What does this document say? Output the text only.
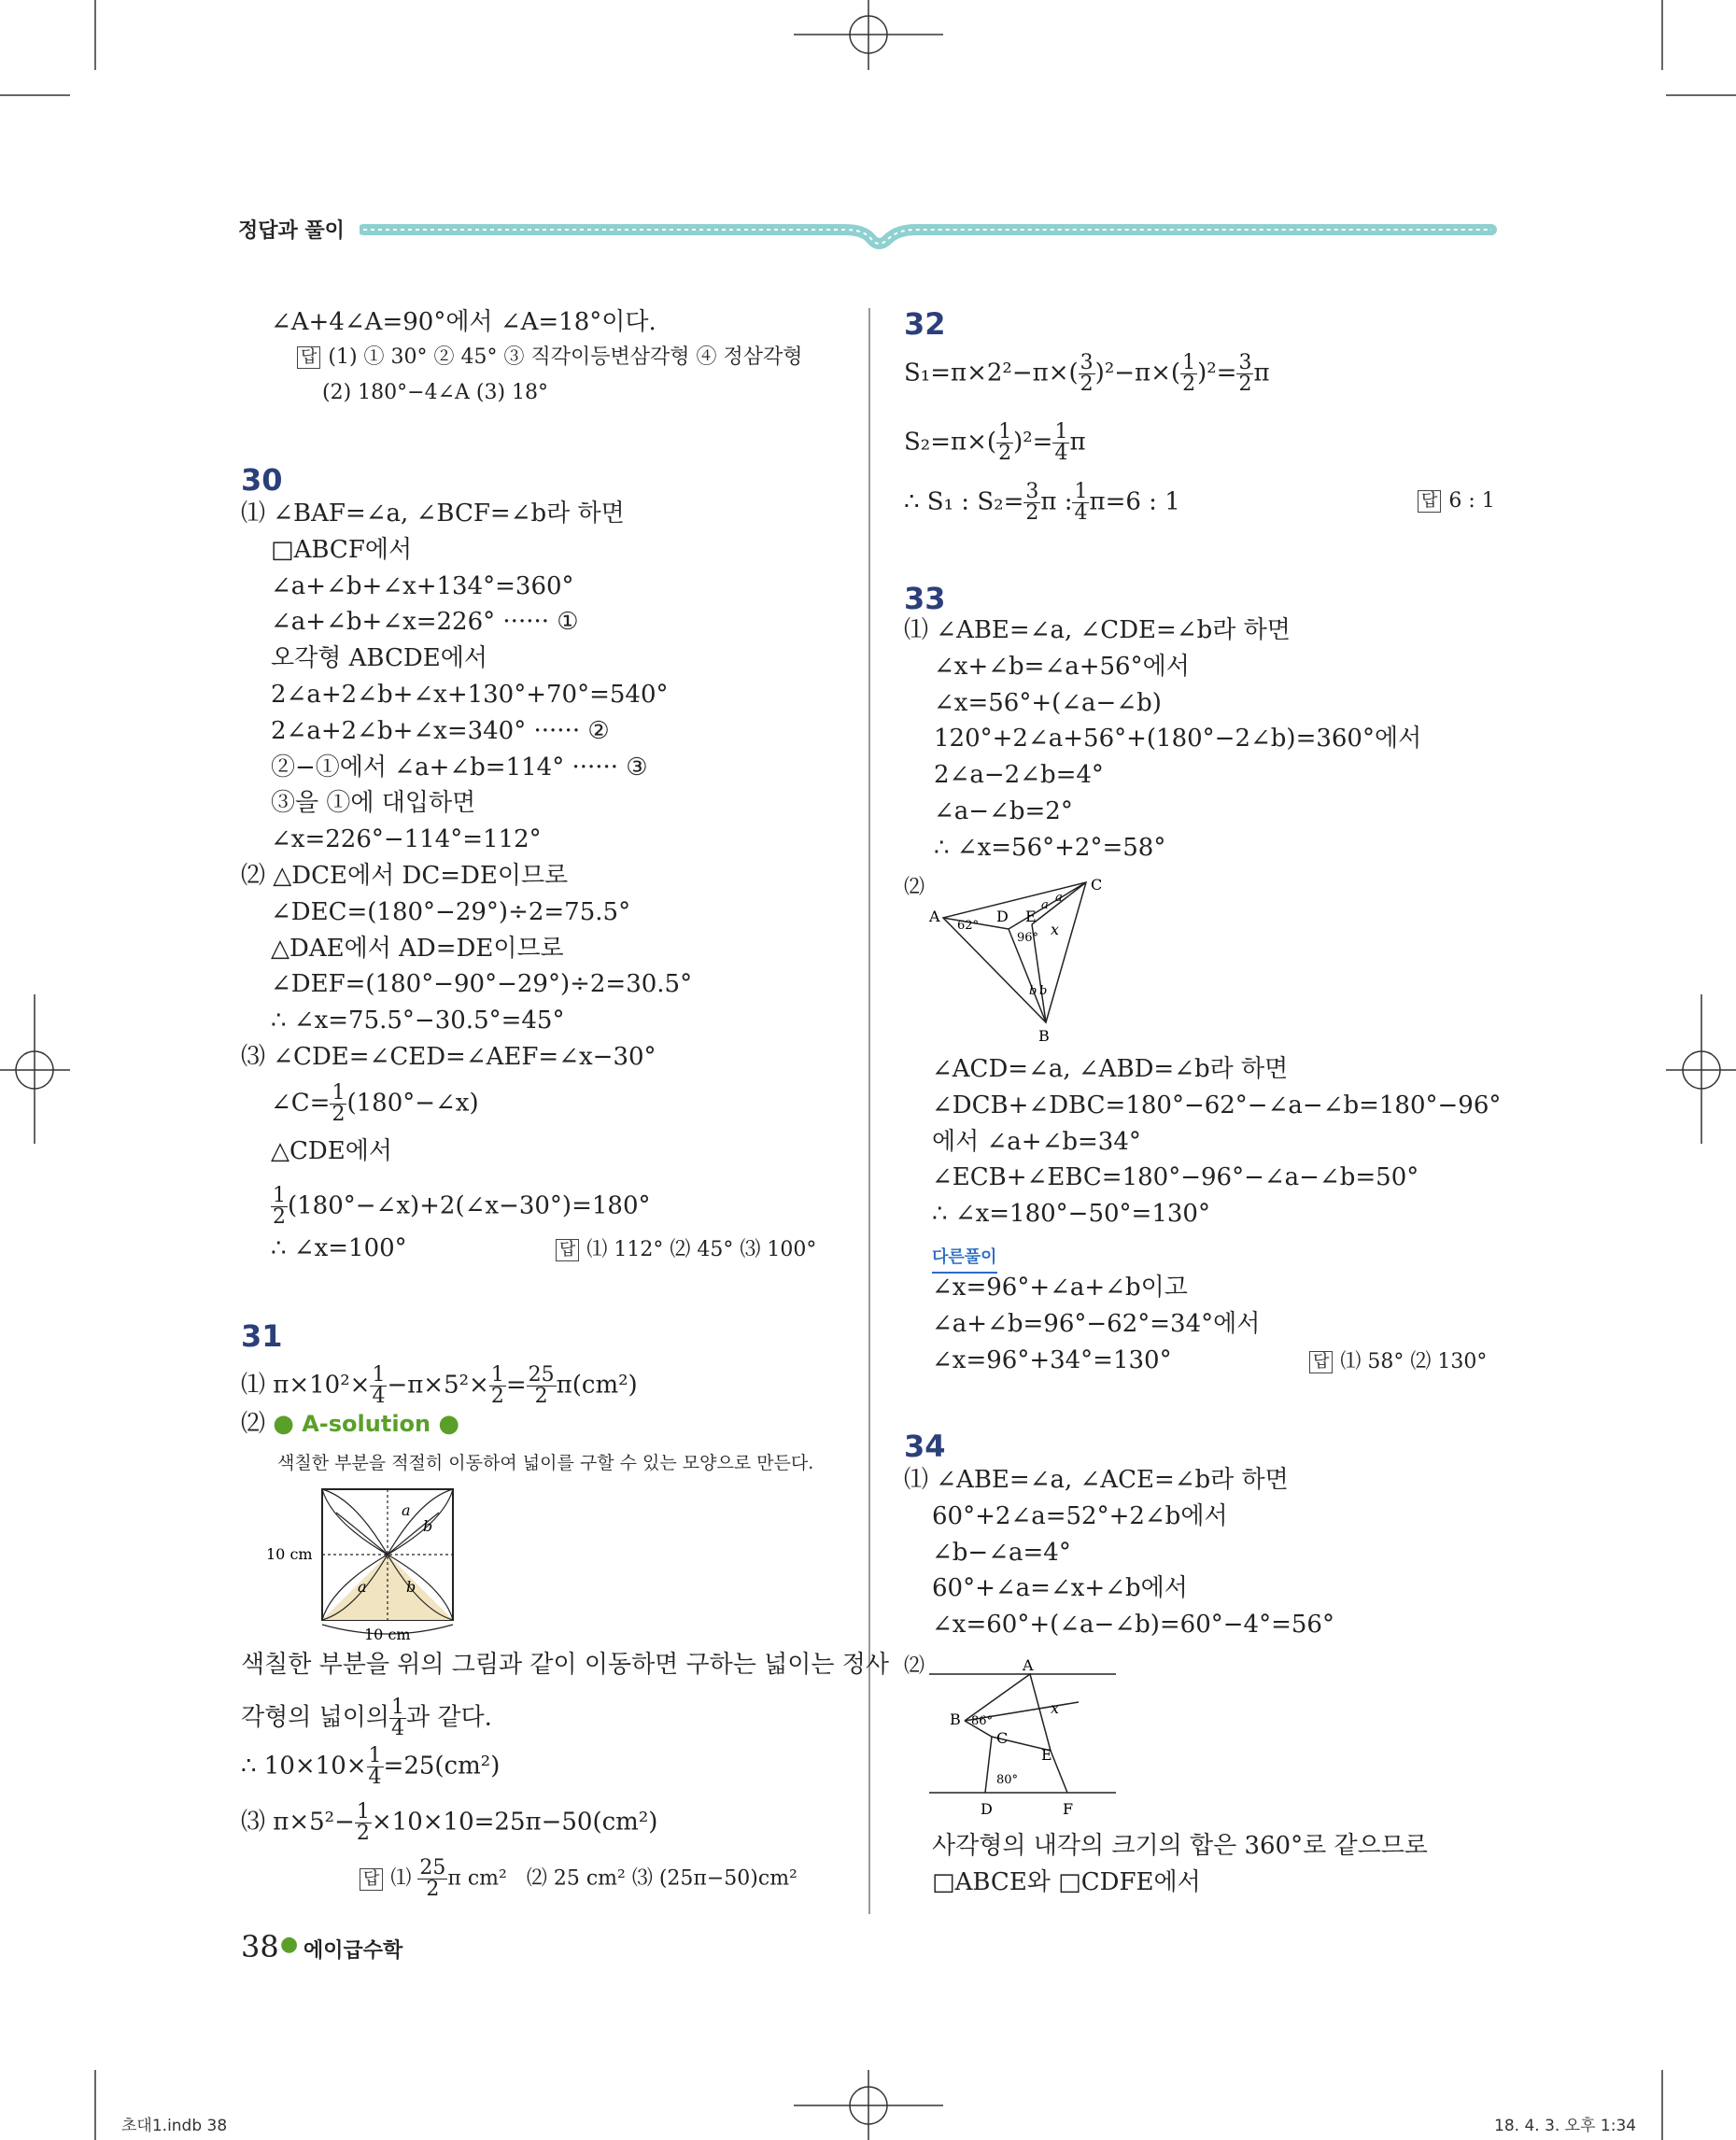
정답과 풀이
∠A+4∠A=90°에서 ∠A=18°이다.
답 (1) ① 30° ② 45° ③ 직각이등변삼각형 ④ 정삼각형
(2) 180°−4∠A (3) 18°
30
⑴ ∠BAF=∠a, ∠BCF=∠b라 하면
□ABCF에서
∠a+∠b+∠x+134°=360°
∠a+∠b+∠x=226° ······ ①
오각형 ABCDE에서
2∠a+2∠b+∠x+130°+70°=540°
2∠a+2∠b+∠x=340° ······ ②
②−①에서 ∠a+∠b=114° ······ ③
③을 ①에 대입하면
∠x=226°−114°=112°
⑵ △DCE에서 DC=DE이므로
∠DEC=(180°−29°)÷2=75.5°
△DAE에서 AD=DE이므로
∠DEF=(180°−90°−29°)÷2=30.5°
∴ ∠x=75.5°−30.5°=45°
⑶ ∠CDE=∠CED=∠AEF=∠x−30°
∠C= $\frac{1}{2}$ (180°−∠x)
△CDE에서
$\frac{1}{2}$ (180°−∠x)+2(∠x−30°)=180°
∴ ∠x=100°	답 ⑴ 112° ⑵ 45° ⑶ 100°
31
⑴ $\pi\times 10^2\times \frac{1}{4} -\pi\times 5^2\times \frac{1}{2} = \frac{25}{2} \pi(cm^2)$
⑵ ● A-solution ●
색칠한 부분을 적절히 이동하여 넓이를 구할 수 있는 모양으로 만든다.
10 cm
10 cm
a
b
a	b
색칠한 부분을 위의 그림과 같이 이동하면 구하는 넓이는 정사
각형의 넓이의 $\frac{1}{4}$ 과 같다.
∴ $10\times 10\times \frac{1}{4} =25(cm^2)$
⑶ $\pi\times 5^2- \frac{1}{2} \times 10\times 10=25\pi-50(cm^2)$
답 ⑴ $\frac{25}{2}$ π cm² ⑵ 25 cm² ⑶ (25π−50)cm²
38 ● 에이급수학
32
$S_1=\pi\times 2^2-\pi\times( \frac{3}{2} )^2-\pi\times( \frac{1}{2} )^2= \frac{3}{2}$ π
$S_2=\pi\times( \frac{1}{2} )^2= \frac{1}{4}$ π
∴ S₁ : $S_2= \frac{3}{2}$ π : $\frac{1}{4} \pi=6$ : 1	답 6 : 1
33
⑴ ∠ABE=∠a, ∠CDE=∠b라 하면
∠x+∠b=∠a+56°에서
∠x=56°+(∠a−∠b)
120°+2∠a+56°+(180°−2∠b)=360°에서
2∠a−2∠b=4°
∠a−∠b=2°
∴ ∠x=56°+2°=58°
⑵
A
C
B
D E
x
62°
96°
a
a
b b
∠ACD=∠a, ∠ABD=∠b라 하면
∠DCB+∠DBC=180°−62°−∠a−∠b=180°−96°
에서 ∠a+∠b=34°
∠ECB+∠EBC=180°−96°−∠a−∠b=50°
∴ ∠x=180°−50°=130°
다른풀이
∠x=96°+∠a+∠b이고
∠a+∠b=96°−62°=34°에서
∠x=96°+34°=130°	답 ⑴ 58° ⑵ 130°
34
⑴ ∠ABE=∠a, ∠ACE=∠b라 하면
60°+2∠a=52°+2∠b에서
∠b−∠a=4°
60°+∠a=∠x+∠b에서
∠x=60°+(∠a−∠b)=60°−4°=56°
⑵	A
B
C
E
D	F
x
86°
80°
사각형의 내각의 크기의 합은 360°로 같으므로
□ABCE와 □CDFE에서
초대1.indb 38	18. 4. 3. 오후 1:34
